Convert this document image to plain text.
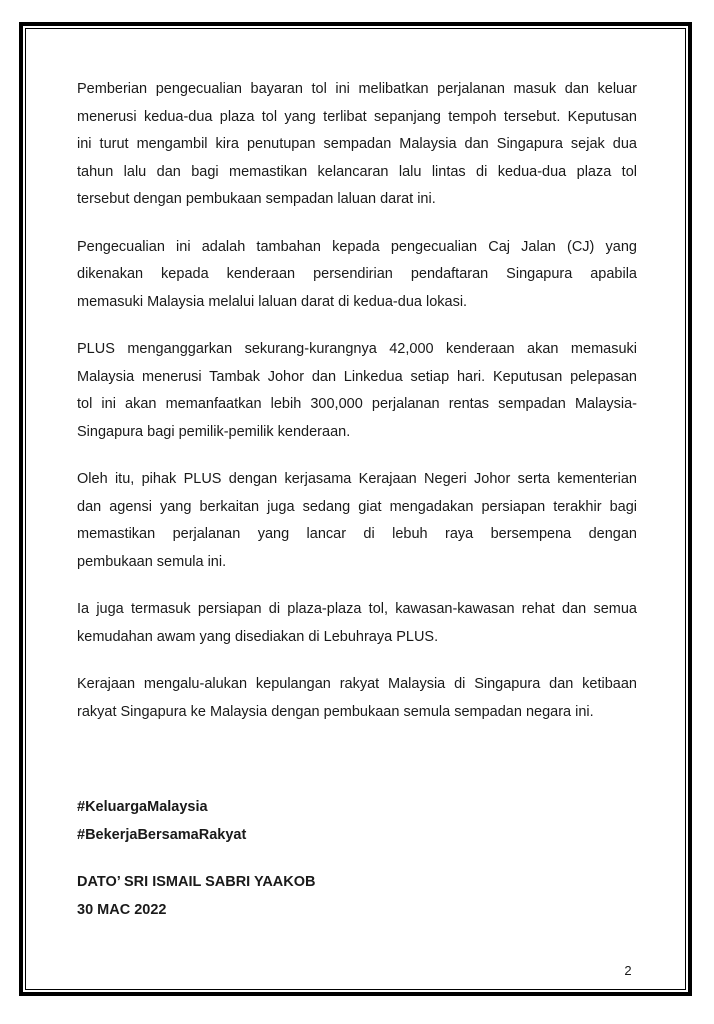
Pemberian pengecualian bayaran tol ini melibatkan perjalanan masuk dan keluar
menerusi kedua-dua plaza tol yang terlibat sepanjang tempoh tersebut. Keputusan
ini turut mengambil kira penutupan sempadan Malaysia dan Singapura sejak dua
tahun lalu dan bagi memastikan kelancaran lalu lintas di kedua-dua plaza tol
tersebut dengan pembukaan sempadan laluan darat ini.
Pengecualian ini adalah tambahan kepada pengecualian Caj Jalan (CJ) yang
dikenakan kepada kenderaan persendirian pendaftaran Singapura apabila
memasuki Malaysia melalui laluan darat di kedua-dua lokasi.
PLUS menganggarkan sekurang-kurangnya 42,000 kenderaan akan memasuki
Malaysia menerusi Tambak Johor dan Linkedua setiap hari. Keputusan pelepasan
tol ini akan memanfaatkan lebih 300,000 perjalanan rentas sempadan Malaysia-
Singapura bagi pemilik-pemilik kenderaan.
Oleh itu, pihak PLUS dengan kerjasama Kerajaan Negeri Johor serta kementerian
dan agensi yang berkaitan juga sedang giat mengadakan persiapan terakhir bagi
memastikan perjalanan yang lancar di lebuh raya bersempena dengan
pembukaan semula ini.
Ia juga termasuk persiapan di plaza-plaza tol, kawasan-kawasan rehat dan semua
kemudahan awam yang disediakan di Lebuhraya PLUS.
Kerajaan mengalu-alukan kepulangan rakyat Malaysia di Singapura dan ketibaan
rakyat Singapura ke Malaysia dengan pembukaan semula sempadan negara ini.
#KeluargaMalaysia
#BekerjaBersamaRakyat
DATO’ SRI ISMAIL SABRI YAAKOB
30 MAC 2022
2
